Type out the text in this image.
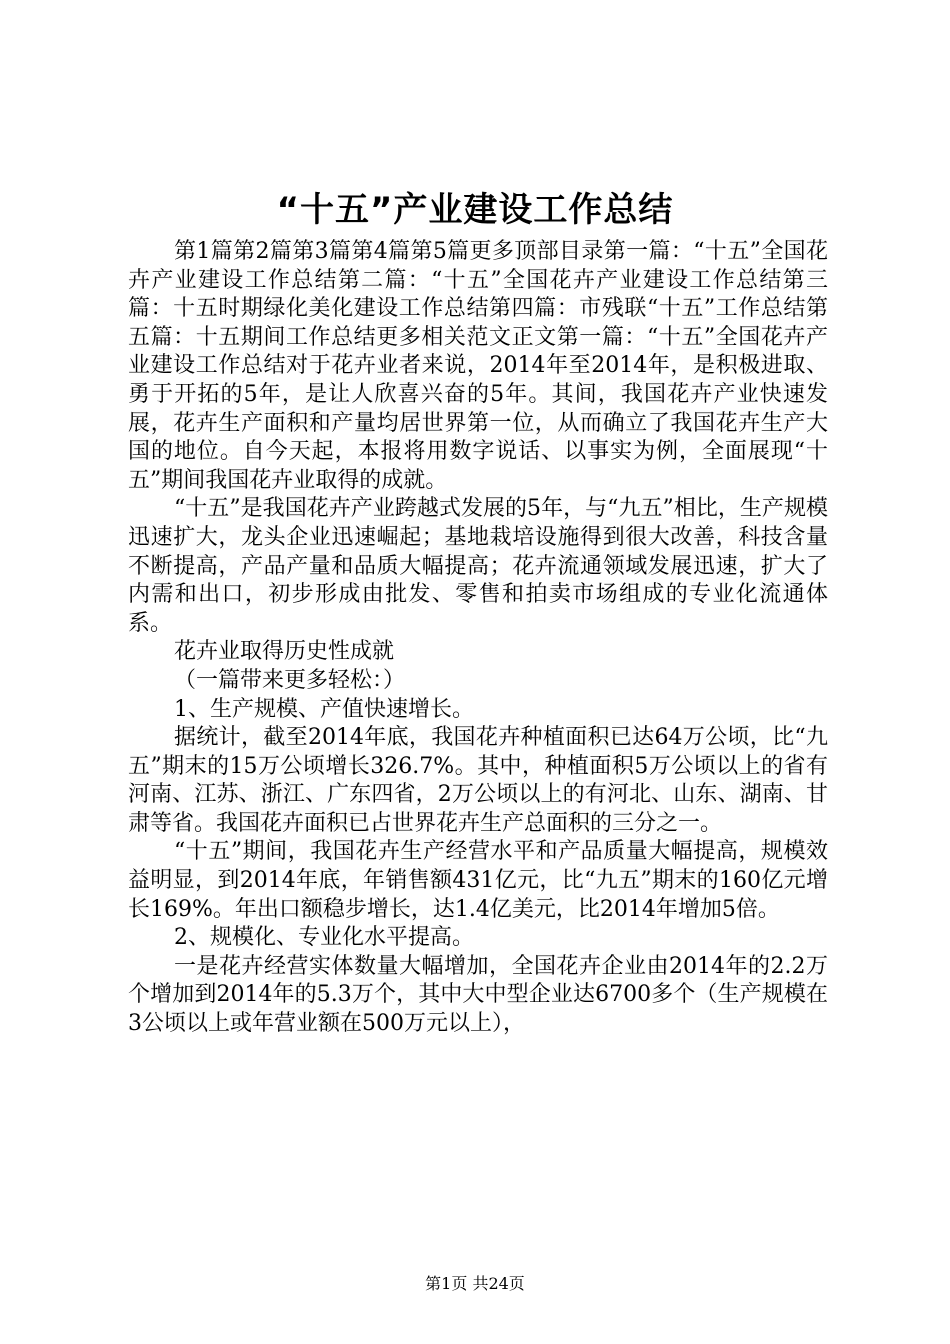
“十五”产业建设工作总结

第1篇第2篇第3篇第4篇第5篇更多顶部目录第一篇：“十五”全国花卉产业建设工作总结第二篇：“十五”全国花卉产业建设工作总结第三篇：十五时期绿化美化建设工作总结第四篇：市残联“十五”工作总结第五篇：十五期间工作总结更多相关范文正文第一篇：“十五”全国花卉产业建设工作总结对于花卉业者来说，2014年至2014年，是积极进取、勇于开拓的5年，是让人欣喜兴奋的5年。其间，我国花卉产业快速发展，花卉生产面积和产量均居世界第一位，从而确立了我国花卉生产大国的地位。自今天起，本报将用数字说话、以事实为例，全面展现“十五”期间我国花卉业取得的成就。

“十五”是我国花卉产业跨越式发展的5年，与“九五”相比，生产规模迅速扩大，龙头企业迅速崛起；基地栽培设施得到很大改善，科技含量不断提高，产品产量和品质大幅提高；花卉流通领域发展迅速，扩大了内需和出口，初步形成由批发、零售和拍卖市场组成的专业化流通体系。

花卉业取得历史性成就

（一篇带来更多轻松：）

1、生产规模、产值快速增长。

据统计，截至2014年底，我国花卉种植面积已达64万公顷，比“九五”期末的15万公顷增长326.7%。其中，种植面积5万公顷以上的省有河南、江苏、浙江、广东四省，2万公顷以上的有河北、山东、湖南、甘肃等省。我国花卉面积已占世界花卉生产总面积的三分之一。

“十五”期间，我国花卉生产经营水平和产品质量大幅提高，规模效益明显，到2014年底，年销售额431亿元，比“九五”期末的160亿元增长169%。年出口额稳步增长，达1.4亿美元，比2014年增加5倍。

2、规模化、专业化水平提高。

一是花卉经营实体数量大幅增加，全国花卉企业由2014年的2.2万个增加到2014年的5.3万个，其中大中型企业达6700多个（生产规模在3公顷以上或年营业额在500万元以上），

第1页 共24页
